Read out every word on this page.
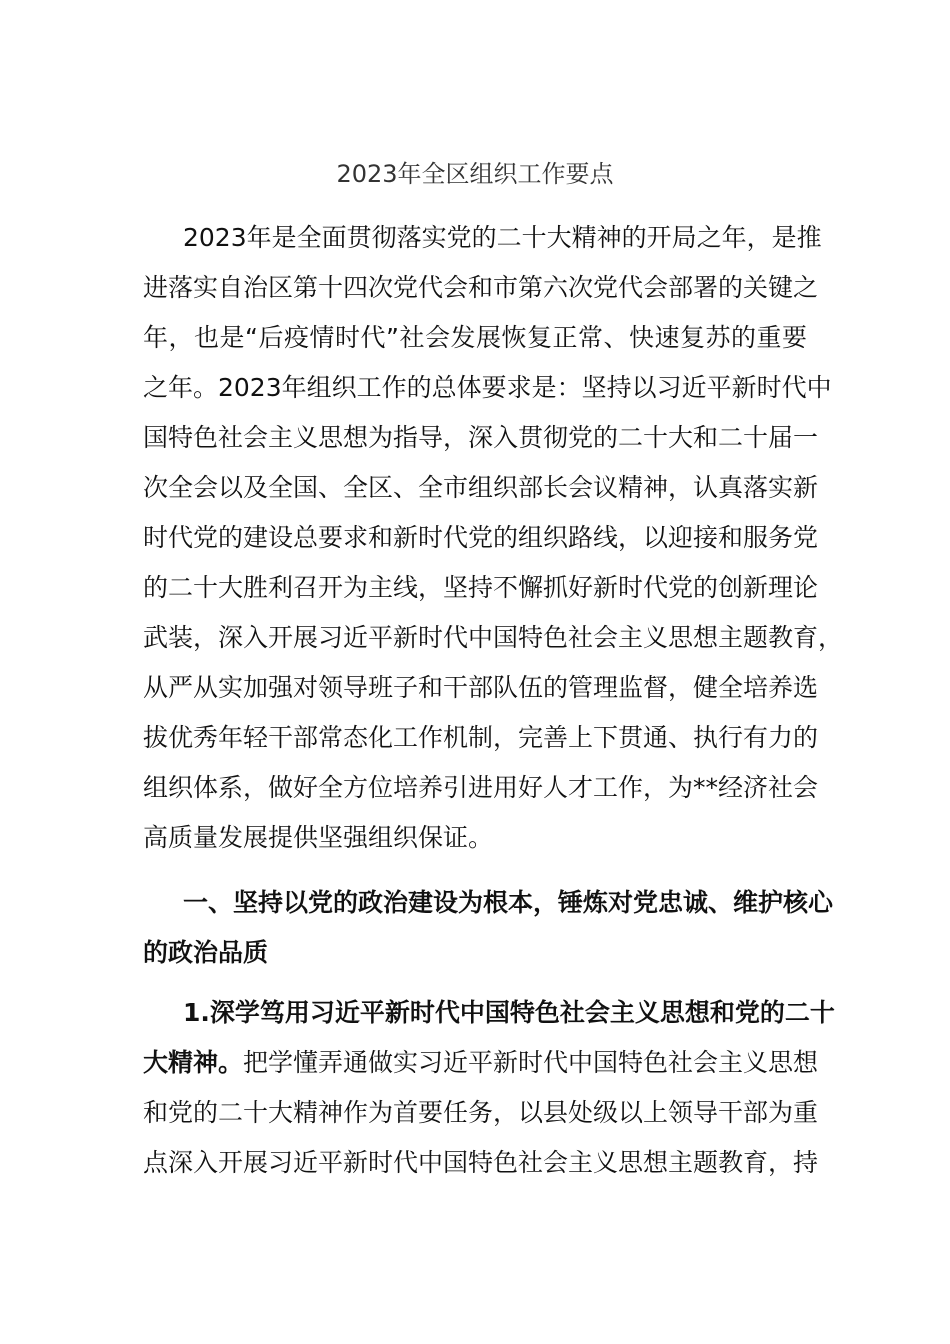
2023年全区组织工作要点
2023年是全面贯彻落实党的二十大精神的开局之年，是推
进落实自治区第十四次党代会和市第六次党代会部署的关键之
年，也是“后疫情时代”社会发展恢复正常、快速复苏的重要
之年。2023年组织工作的总体要求是：坚持以习近平新时代中
国特色社会主义思想为指导，深入贯彻党的二十大和二十届一
次全会以及全国、全区、全市组织部长会议精神，认真落实新
时代党的建设总要求和新时代党的组织路线，以迎接和服务党
的二十大胜利召开为主线，坚持不懈抓好新时代党的创新理论
武装，深入开展习近平新时代中国特色社会主义思想主题教育，
从严从实加强对领导班子和干部队伍的管理监督，健全培养选
拔优秀年轻干部常态化工作机制，完善上下贯通、执行有力的
组织体系，做好全方位培养引进用好人才工作，为**经济社会
高质量发展提供坚强组织保证。
一、坚持以党的政治建设为根本，锤炼对党忠诚、维护核心
的政治品质
1.深学笃用习近平新时代中国特色社会主义思想和党的二十
大精神。把学懂弄通做实习近平新时代中国特色社会主义思想
和党的二十大精神作为首要任务，以县处级以上领导干部为重
点深入开展习近平新时代中国特色社会主义思想主题教育，持
